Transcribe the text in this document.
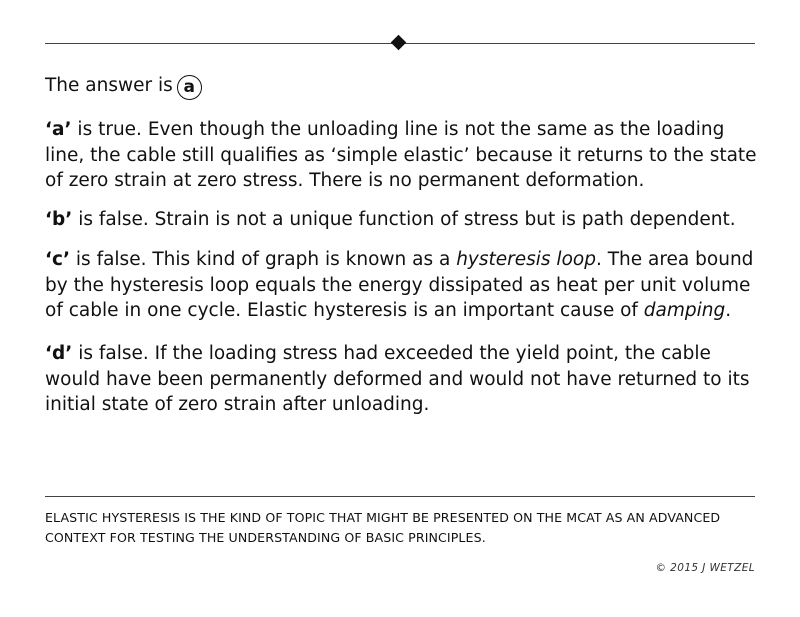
The answer is a

‘a’ is true. Even though the unloading line is not the same as the loading line, the cable still qualifies as ‘simple elastic’ because it returns to the state of zero strain at zero stress. There is no permanent deformation.

‘b’ is false. Strain is not a unique function of stress but is path dependent.

‘c’ is false. This kind of graph is known as a hysteresis loop. The area bound by the hysteresis loop equals the energy dissipated as heat per unit volume of cable in one cycle. Elastic hysteresis is an important cause of damping.

‘d’ is false. If the loading stress had exceeded the yield point, the cable would have been permanently deformed and would not have returned to its initial state of zero strain after unloading.

ELASTIC HYSTERESIS IS THE KIND OF TOPIC THAT MIGHT BE PRESENTED ON THE MCAT AS AN ADVANCED CONTEXT FOR TESTING THE UNDERSTANDING OF BASIC PRINCIPLES.
© 2015 J WETZEL
